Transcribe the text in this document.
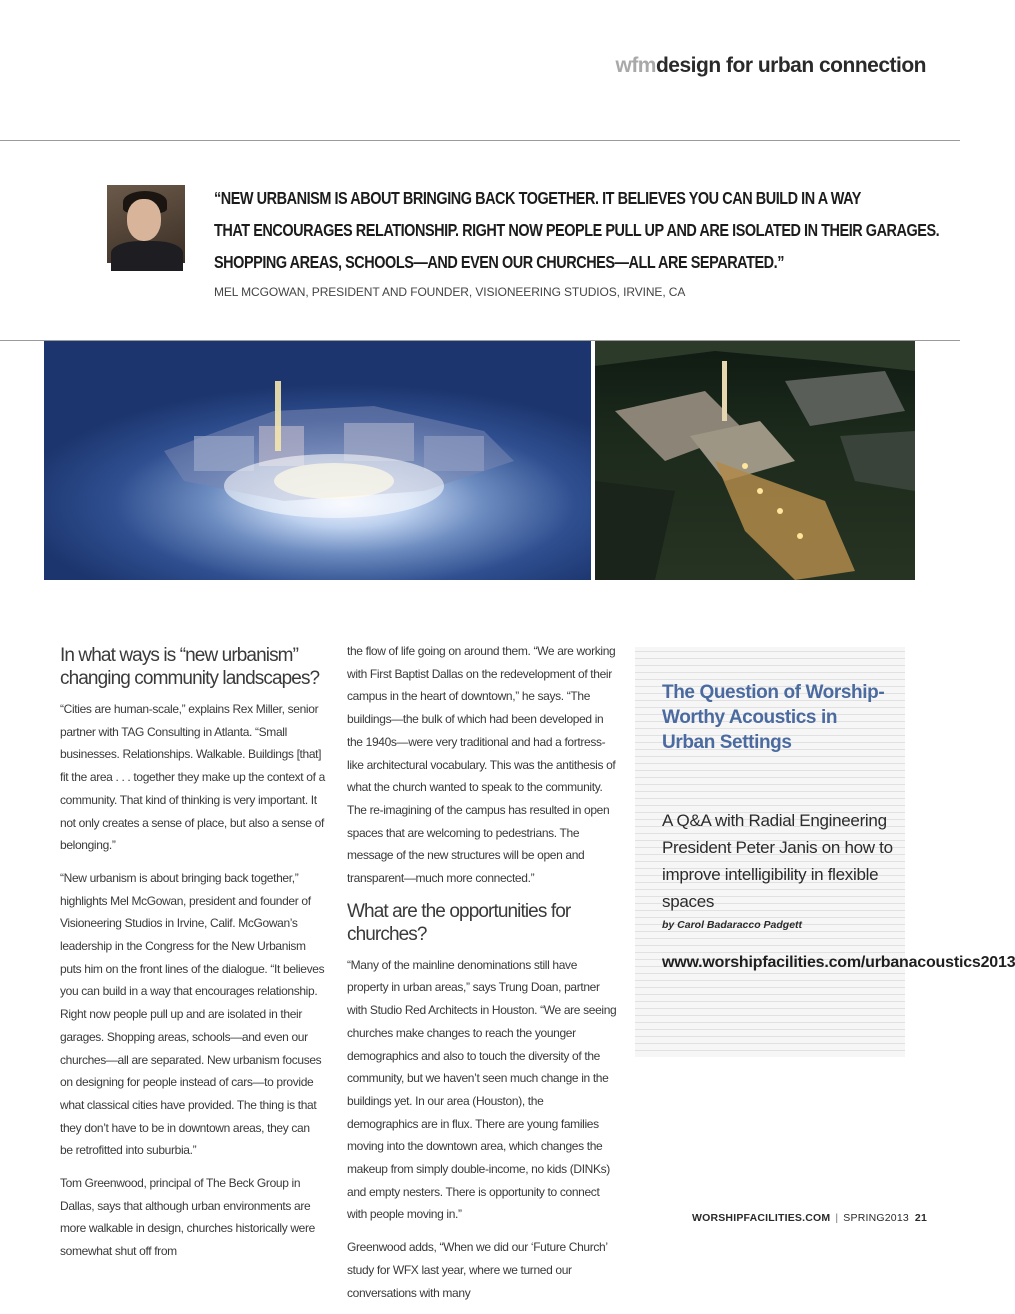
wfmdesign for urban connection
“NEW URBANISM IS ABOUT BRINGING BACK TOGETHER. IT BELIEVES YOU CAN BUILD IN A WAY
THAT ENCOURAGES RELATIONSHIP. RIGHT NOW PEOPLE PULL UP AND ARE ISOLATED IN THEIR GARAGES.
SHOPPING AREAS, SCHOOLS—AND EVEN OUR CHURCHES—ALL ARE SEPARATED.”
MEL MCGOWAN, PRESIDENT AND FOUNDER, VISIONEERING STUDIOS, IRVINE, CA
In what ways is “new urbanism” changing community landscapes?

“Cities are human-scale,” explains Rex Miller, senior partner with TAG Consulting in Atlanta. “Small businesses. Relationships. Walkable. Buildings [that] fit the area . . . together they make up the context of a community. That kind of thinking is very important. It not only creates a sense of place, but also a sense of belonging.”

“New urbanism is about bringing back together,” highlights Mel McGowan, president and founder of Visioneering Studios in Irvine, Calif. McGowan’s leadership in the Congress for the New Urbanism puts him on the front lines of the dialogue. “It believes you can build in a way that encourages relationship. Right now people pull up and are isolated in their garages. Shopping areas, schools—and even our churches—all are separated. New urbanism focuses on designing for people instead of cars—to provide what classical cities have provided. The thing is that they don’t have to be in downtown areas, they can be retrofitted into suburbia.”

Tom Greenwood, principal of The Beck Group in Dallas, says that although urban environments are more walkable in design, churches historically were somewhat shut off from

the flow of life going on around them. “We are working with First Baptist Dallas on the redevelopment of their campus in the heart of downtown,” he says. “The buildings—the bulk of which had been developed in the 1940s—were very traditional and had a fortress-like architectural vocabulary. This was the antithesis of what the church wanted to speak to the community. The re-imagining of the campus has resulted in open spaces that are welcoming to pedestrians. The message of the new structures will be open and transparent—much more connected.”

What are the opportunities for churches?

“Many of the mainline denominations still have property in urban areas,” says Trung Doan, partner with Studio Red Architects in Houston. “We are seeing churches make changes to reach the younger demographics and also to touch the diversity of the community, but we haven’t seen much change in the buildings yet. In our area (Houston), the demographics are in flux. There are young families moving into the downtown area, which changes the makeup from simply double-income, no kids (DINKs) and empty nesters. There is opportunity to connect with people moving in.”

Greenwood adds, “When we did our ‘Future Church’ study for WFX last year, where we turned our conversations with many

The Question of Worship-Worthy Acoustics in Urban Settings
A Q&A with Radial Engineering President Peter Janis on how to improve intelligibility in flexible spaces
by Carol Badaracco Padgett
www.worshipfacilities.com/urbanacoustics2013
WORSHIPFACILITIES.COM | SPRING2013 21
